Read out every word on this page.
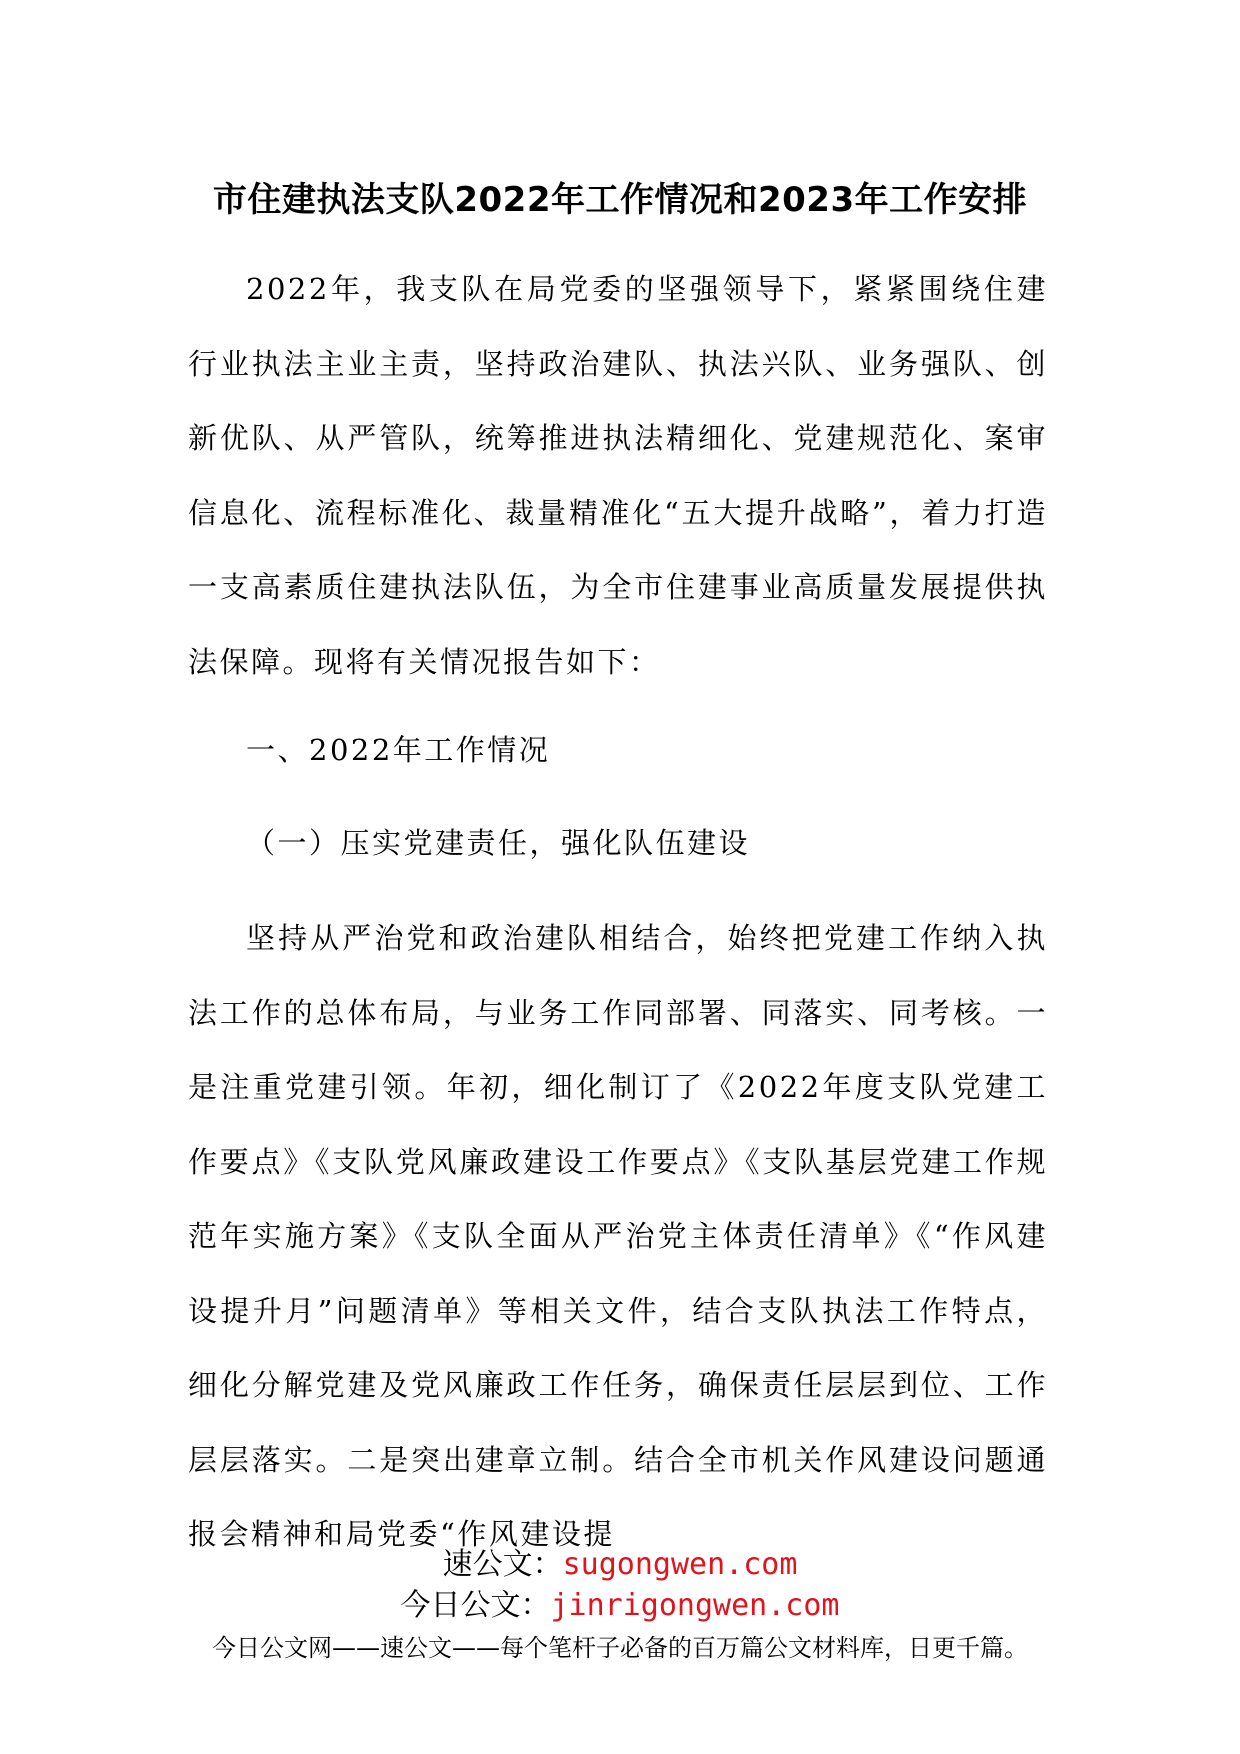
市住建执法支队2022年工作情况和2023年工作安排

2022年，我支队在局党委的坚强领导下，紧紧围绕住建行业执法主业主责，坚持政治建队、执法兴队、业务强队、创新优队、从严管队，统筹推进执法精细化、党建规范化、案审信息化、流程标准化、裁量精准化“五大提升战略”，着力打造一支高素质住建执法队伍，为全市住建事业高质量发展提供执法保障。现将有关情况报告如下：

一、2022年工作情况

（一）压实党建责任，强化队伍建设

坚持从严治党和政治建队相结合，始终把党建工作纳入执法工作的总体布局，与业务工作同部署、同落实、同考核。一是注重党建引领。年初，细化制订了《2022年度支队党建工作要点》《支队党风廉政建设工作要点》《支队基层党建工作规范年实施方案》《支队全面从严治党主体责任清单》《“作风建设提升月”问题清单》等相关文件，结合支队执法工作特点，细化分解党建及党风廉政工作任务，确保责任层层到位、工作层层落实。二是突出建章立制。结合全市机关作风建设问题通报会精神和局党委“作风建设提

速公文：sugongwen.com
今日公文：jinrigongwen.com
今日公文网——速公文——每个笔杆子必备的百万篇公文材料库，日更千篇。
